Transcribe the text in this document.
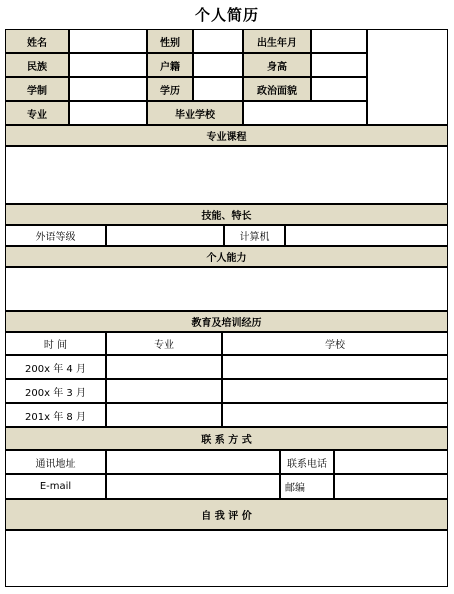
个人简历
姓名	性别	出生年月
民族	户籍	身高
学制	学历	政治面貌
专业	毕业学校
专业课程
技能、特长
外语等级	计算机
个人能力
教育及培训经历
时 间	专业	学校
200x 年 4 月
200x 年 3 月
201x 年 8 月
联 系 方 式
通讯地址	联系电话
E-mail	邮编
自 我 评 价
